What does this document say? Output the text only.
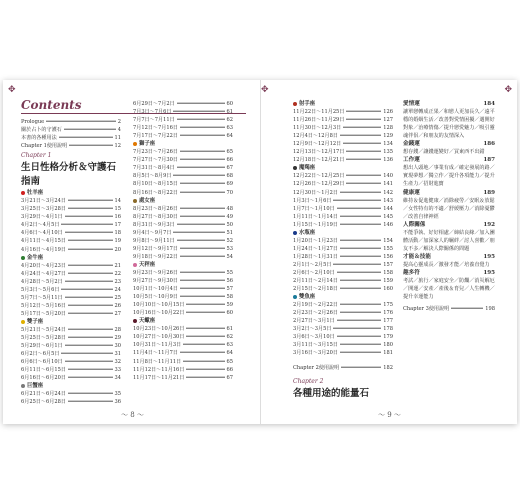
✥	✥	✥
Contents
Prologue	2
關於占卜的守護石	4
本書的各種用法	11
Chapter 1使用說明	12
Chapter 1
生日性格分析＆守護石指南
牡羊座
3月21日～3月24日	14
3月25日～3月28日	15
3月29日～4月1日	16
4月2日～4月5日	17
4月6日～4月10日	18
4月11日～4月15日	19
4月16日～4月19日	20
金牛座
4月20日～4月23日	21
4月24日～4月27日	22
4月28日～5月2日	23
5月3日～5月6日	24
5月7日～5月11日	25
5月12日～5月16日	26
5月17日～5月20日	27
雙子座
5月21日～5月24日	28
5月25日～5月28日	29
5月29日～6月1日	30
6月2日～6月5日	31
6月6日～6月10日	32
6月11日～6月15日	33
6月16日～6月20日	34
巨蟹座
6月21日～6月24日	35
6月25日～6月28日	36
6月29日～7月2日	60
7月3日～7月6日	61
7月7日～7月11日	62
7月12日～7月16日	63
7月17日～7月22日	64
獅子座
7月23日～7月26日	65
7月27日～7月30日	66
7月31日～8月4日	67
8月5日～8月9日	68
8月10日～8月15日	69
8月16日～8月22日	70
處女座
8月23日～8月26日	48
8月27日～8月30日	49
8月31日～9月3日	50
9月4日～9月7日	51
9月8日～9月11日	52
9月12日～9月17日	53
9月18日～9月22日	54
天秤座
9月23日～9月26日	55
9月27日～9月30日	56
10月1日～10月4日	57
10月5日～10月9日	58
10月10日～10月15日	59
10月16日～10月22日	60
天蠍座
10月23日～10月26日	61
10月27日～10月30日	62
10月31日～11月3日	63
11月4日～11月7日	64
11月8日～11月11日	65
11月12日～11月16日	66
11月17日～11月21日	67
射手座
11月22日～11月25日	126
11月26日～11月29日	127
11月30日～12月3日	128
12月4日～12月8日	129
12月9日～12月12日	134
12月13日～12月17日	135
12月18日～12月21日	136
魔羯座
12月22日～12月25日	140
12月26日～12月29日	141
12月30日～1月2日	142
1月3日～1月6日	143
1月7日～1月10日	144
1月11日～1月14日	145
1月15日～1月19日	146
水瓶座
1月20日～1月23日	154
1月24日～1月27日	155
1月28日～1月31日	156
2月1日～2月5日	157
2月6日～2月10日	158
2月11日～2月14日	159
2月15日～2月18日	160
雙魚座
2月19日～2月22日	175
2月23日～2月26日	176
2月27日～3月1日	177
3月2日～3月5日	178
3月6日～3月10日	179
3月11日～3月15日	180
3月16日～3月20日	181
Chapter 2使用說明	182
Chapter 2
各種用途的能量石
愛情運	184
讓單戀轉成正果／和戀人更加長久／遠平穩的婚姻生活／改善對愛情困擾／邁開好對象／治療情傷／提升戀愛魅力／吸引靈魂伴侶／和朋友的友情深入
金錢運	186
想存錢／讓錢運變好／買東西不出錯
工作運	187
想出人頭地／事業有成／確定發展的路／實現夢想／獨立作／提升各項能力／提升生產力／招財進寶
健康運	189
維持＆促進健康／消除疲勞／安眠＆放鬆／女性特有的不適／舒緩壓力／消除憂鬱／改善自律神經
人際關係	192
不能爭執、好好相處／締結良緣／加入團體活動／加深家人的羈絆／討人喜歡／朋友不多／解決人際關係的問題
才能＆技能	195
提高心靈成長／激發才能／培養直覺力
趣多符	195
考試／旅行／家庭安全／防爛／消災解厄／開運／安產／產後＆育兒／人生轉機／提升幸運能力
Chapter 3使用說明	198
～ 8 ～	～ 9 ～
